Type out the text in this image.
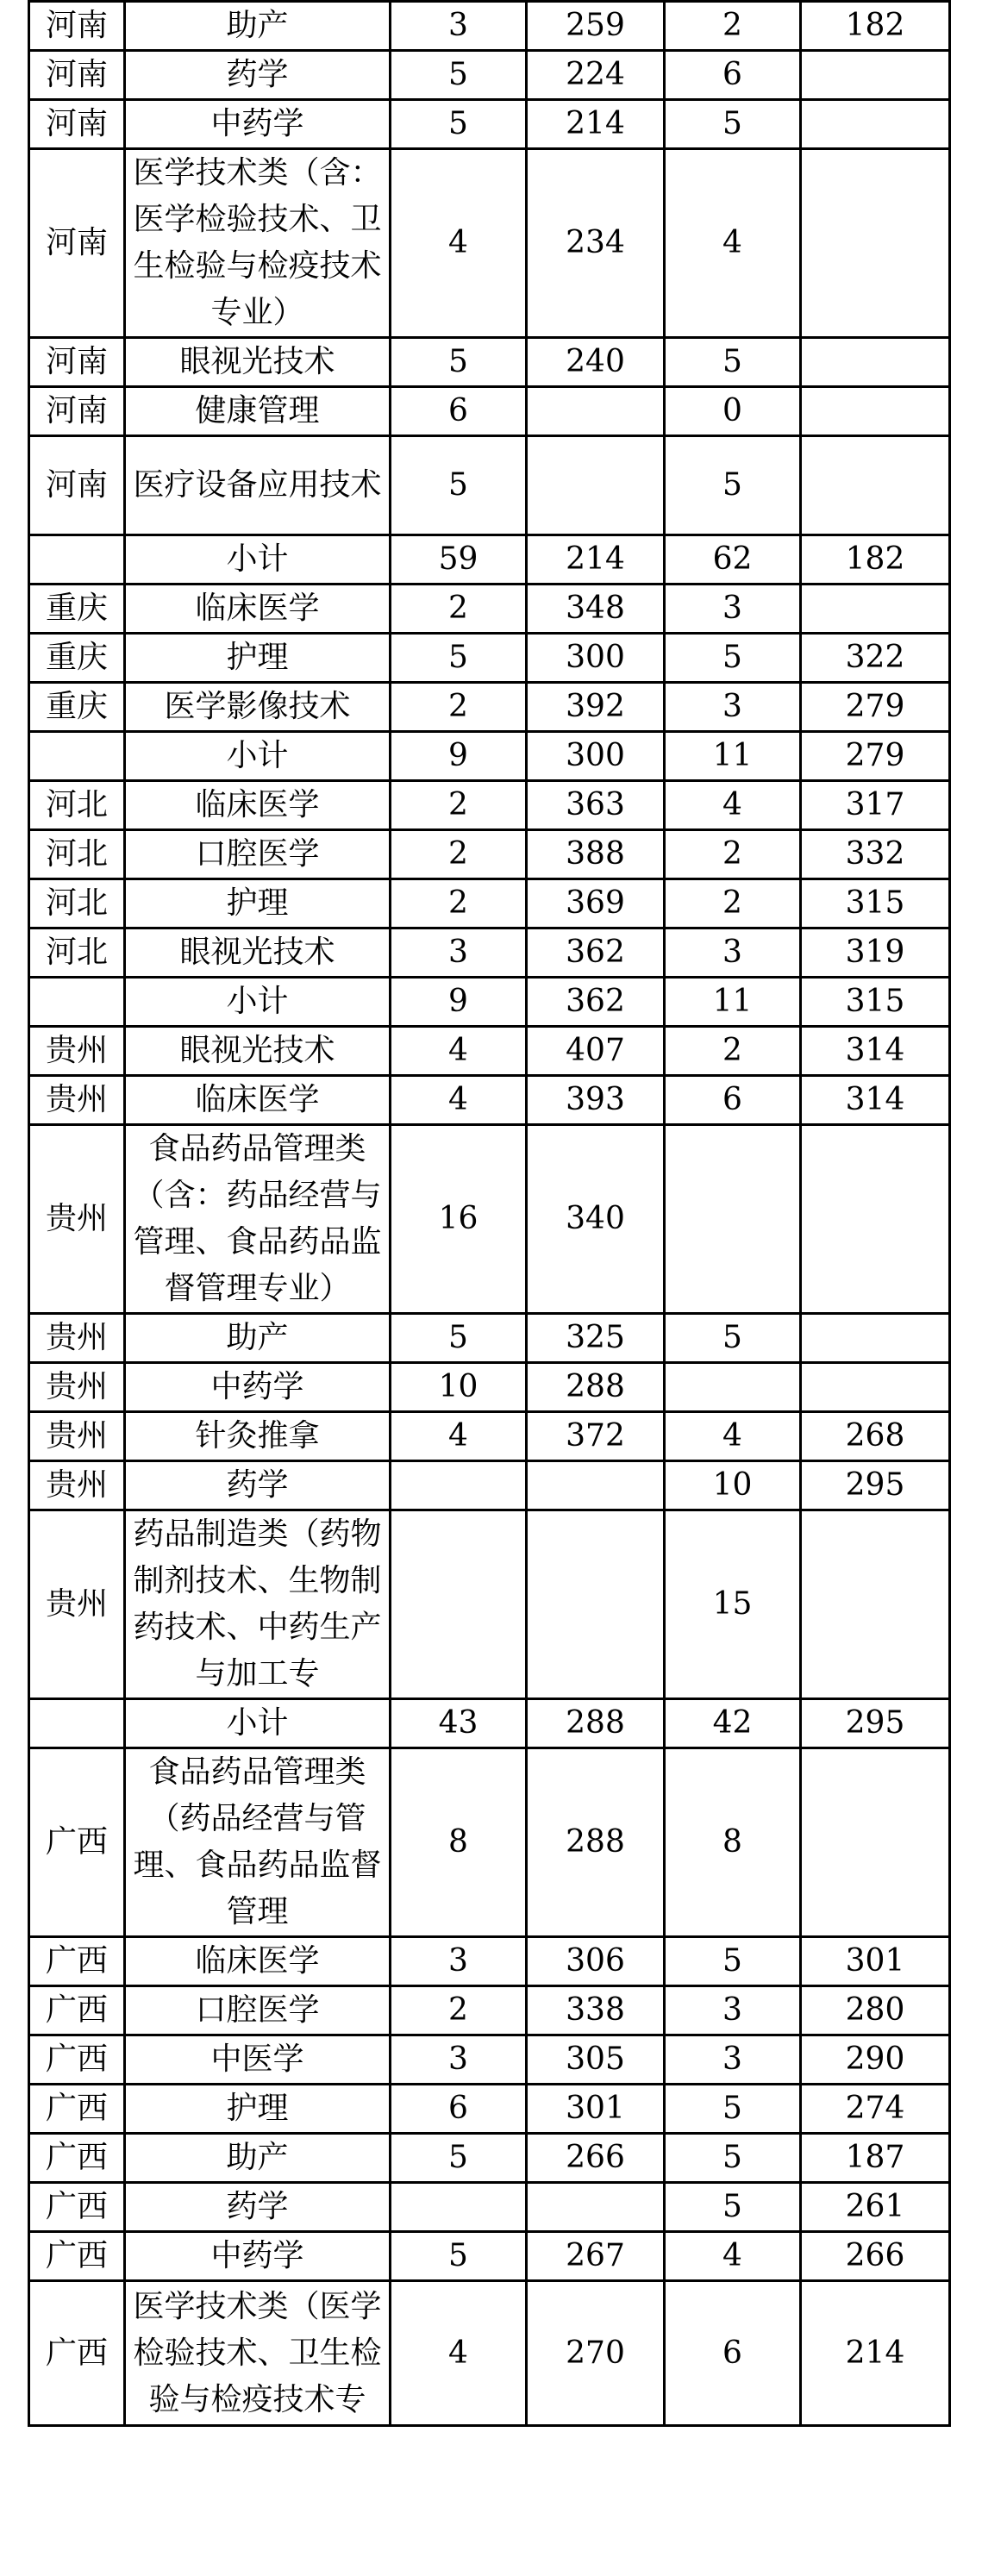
河南	助产	3	259	2	182
河南	药学	5	224	6	
河南	中药学	5	214	5	
河南	医学技术类（含：医学检验技术、卫生检验与检疫技术专业）	4	234	4	
河南	眼视光技术	5	240	5	
河南	健康管理	6		0	
河南	医疗设备应用技术	5		5	
	小计	59	214	62	182
重庆	临床医学	2	348	3	
重庆	护理	5	300	5	322
重庆	医学影像技术	2	392	3	279
	小计	9	300	11	279
河北	临床医学	2	363	4	317
河北	口腔医学	2	388	2	332
河北	护理	2	369	2	315
河北	眼视光技术	3	362	3	319
	小计	9	362	11	315
贵州	眼视光技术	4	407	2	314
贵州	临床医学	4	393	6	314
贵州	食品药品管理类（含：药品经营与管理、食品药品监督管理专业）	16	340		
贵州	助产	5	325	5	
贵州	中药学	10	288		
贵州	针灸推拿	4	372	4	268
贵州	药学			10	295
贵州	药品制造类（药物制剂技术、生物制药技术、中药生产与加工专			15	
	小计	43	288	42	295
广西	食品药品管理类（药品经营与管理、食品药品监督管理	8	288	8	
广西	临床医学	3	306	5	301
广西	口腔医学	2	338	3	280
广西	中医学	3	305	3	290
广西	护理	6	301	5	274
广西	助产	5	266	5	187
广西	药学			5	261
广西	中药学	5	267	4	266
广西	医学技术类（医学检验技术、卫生检验与检疫技术专	4	270	6	214
